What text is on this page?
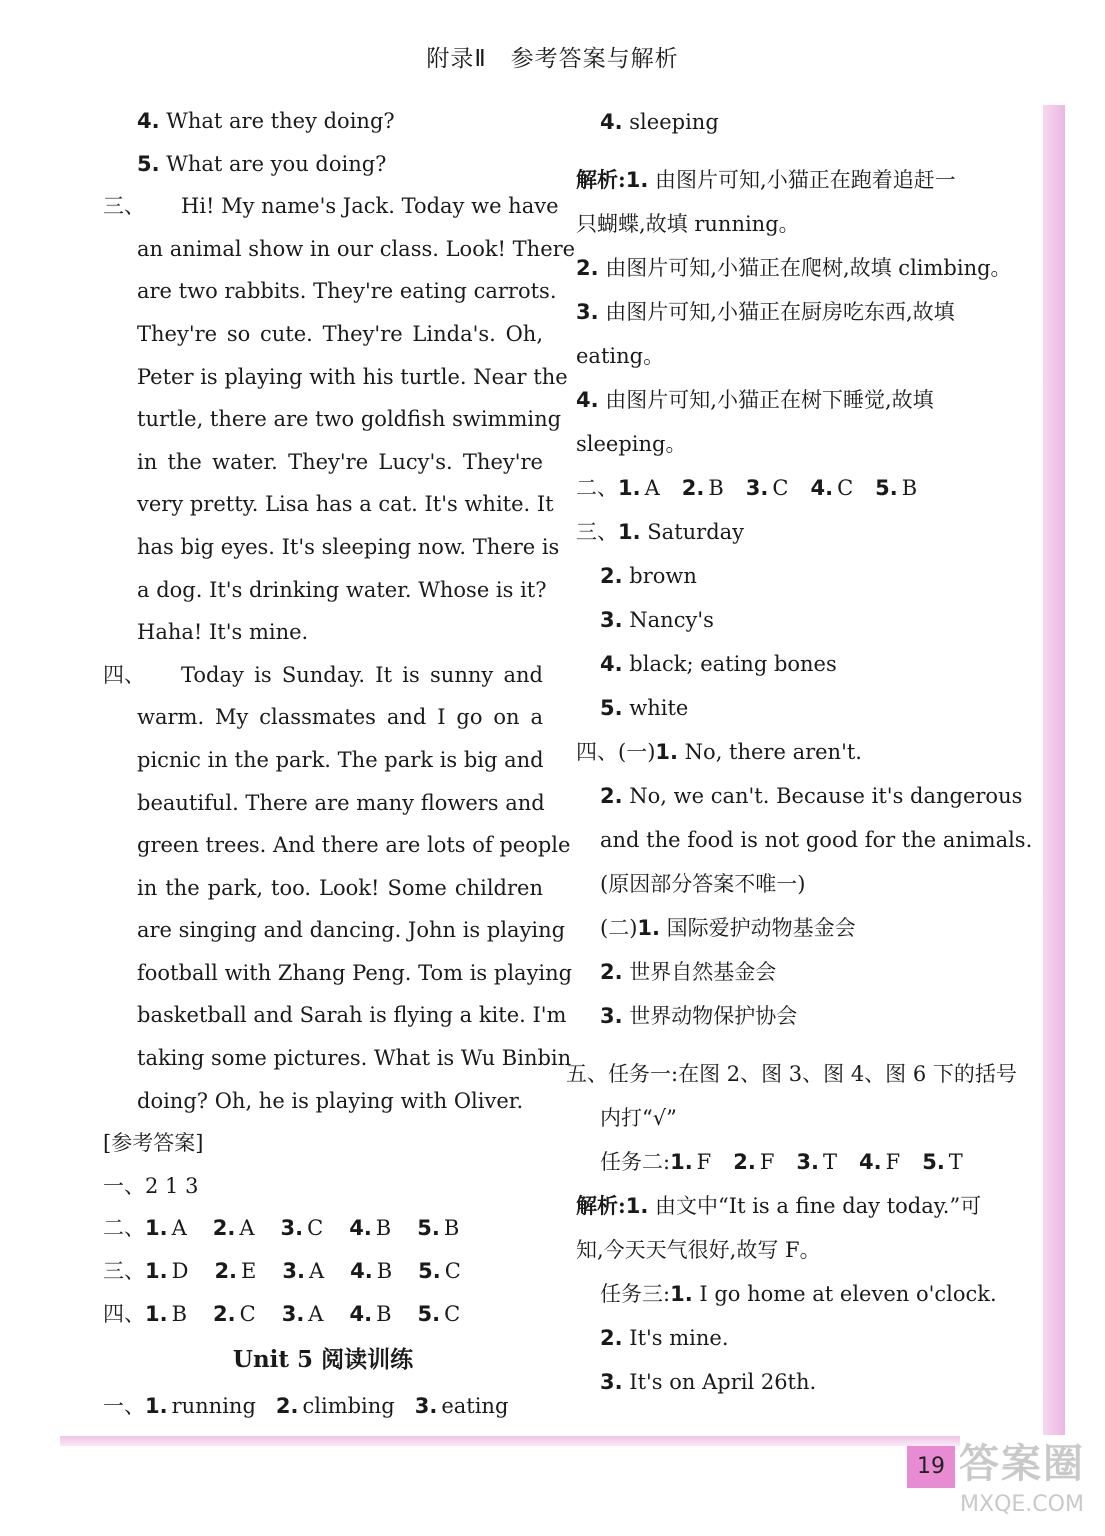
附录Ⅱ　参考答案与解析
19 答案圈
MXQE.COM

4. What are they doing?

5. What are you doing?

三、	Hi! My name's Jack. Today we have

an animal show in our class. Look! There

are two rabbits. They're eating carrots.

They're so cute. They're Linda's. Oh,

Peter is playing with his turtle. Near the

turtle, there are two goldfish swimming

in the water. They're Lucy's. They're

very pretty. Lisa has a cat. It's white. It

has big eyes. It's sleeping now. There is

a dog. It's drinking water. Whose is it?

Haha! It's mine.

四、	Today is Sunday. It is sunny and

warm. My classmates and I go on a

picnic in the park. The park is big and

beautiful. There are many flowers and

green trees. And there are lots of people

in the park, too. Look! Some children

are singing and dancing. John is playing

football with Zhang Peng. Tom is playing

basketball and Sarah is flying a kite. I'm

taking some pictures. What is Wu Binbin

doing? Oh, he is playing with Oliver.

[参考答案]

一、2 1 3

二、1. A 2. A 3. C 4. B 5. B

三、1. D 2. E 3. A 4. B 5. C

四、1. B 2. C 3. A 4. B 5. C

Unit 5 阅读训练

一、1. running 2. climbing 3. eating

4. sleeping

解析:1. 由图片可知,小猫正在跑着追赶一

只蝴蝶,故填 running。

2. 由图片可知,小猫正在爬树,故填 climbing。

3. 由图片可知,小猫正在厨房吃东西,故填

eating。

4. 由图片可知,小猫正在树下睡觉,故填

sleeping。

二、1. A 2. B 3. C 4. C 5. B

三、1. Saturday

2. brown

3. Nancy's

4. black; eating bones

5. white

四、(一)1. No, there aren't.

2. No, we can't. Because it's dangerous

and the food is not good for the animals.

(原因部分答案不唯一)

(二)1. 国际爱护动物基金会

2. 世界自然基金会

3. 世界动物保护协会

五、任务一:在图 2、图 3、图 4、图 6 下的括号

内打“√”

任务二:1. F 2. F 3. T 4. F 5. T

解析:1. 由文中“It is a fine day today.”可

知,今天天气很好,故写 F。

任务三:1. I go home at eleven o'clock.

2. It's mine.

3. It's on April 26th.
